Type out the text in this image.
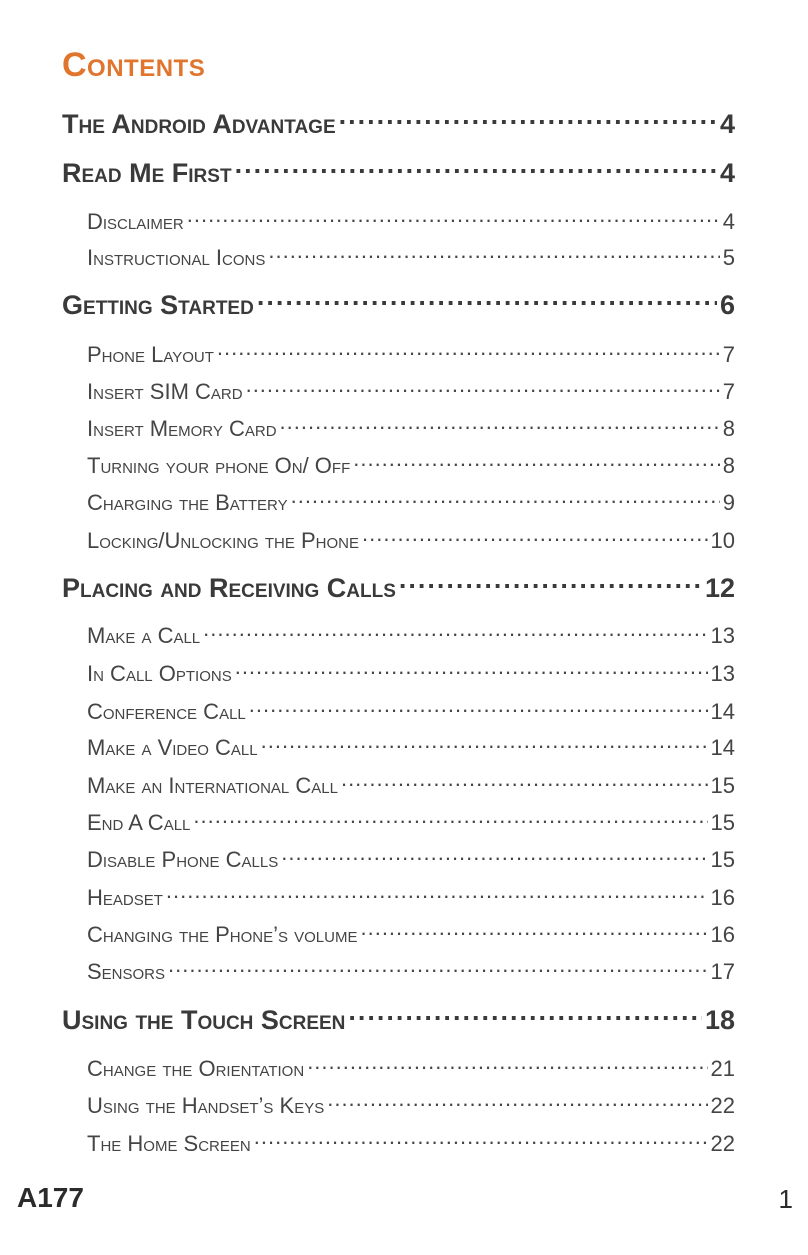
Contents
The Android Advantage .....	4
Read Me First .....	4
Disclaimer .....	4
Instructional Icons .....	5
Getting Started .....	6
Phone Layout .....	7
Insert SIM Card .....	7
Insert Memory Card .....	8
Turning your phone On/ Off .....	8
Charging the Battery .....	9
Locking/Unlocking the Phone .....	10
Placing and Receiving Calls .....	12
Make a Call .....	13
In Call Options .....	13
Conference Call .....	14
Make a Video Call .....	14
Make an International Call .....	15
End A Call .....	15
Disable Phone Calls .....	15
Headset .....	16
Changing the Phone’s volume .....	16
Sensors .....	17
Using the Touch Screen .....	18
Change the Orientation .....	21
Using the Handset’s Keys .....	22
The Home Screen .....	22

A177	1
